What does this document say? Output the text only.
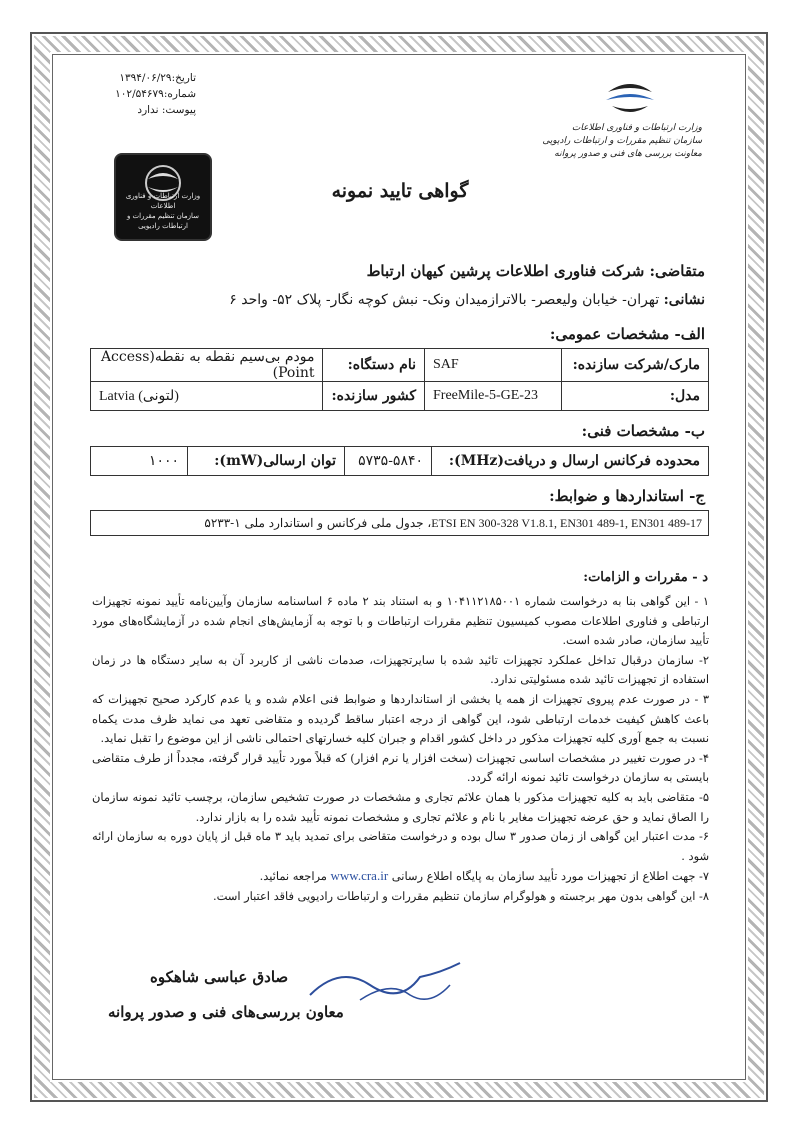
تاریخ:۱۳۹۴/۰۶/۲۹
شماره:۱۰۲/۵۴۶۷۹
پیوست: ندارد
وزارت ارتباطات و فناوری اطلاعات
سازمان تنظیم مقررات و ارتباطات رادیویی
معاونت بررسی های فنی و صدور پروانه
وزارت ارتباطات و فناوری اطلاعات
سازمان تنظیم مقررات و ارتباطات رادیویی
گواهی تایید نمونه
متقاضی: شرکت فناوری اطلاعات پرشین کیهان ارتباط
نشانی: تهران- خیابان ولیعصر- بالاترازمیدان ونک- نبش کوچه نگار- پلاک ۵۲- واحد ۶
الف- مشخصات عمومی:
مارک/شرکت سازنده:	SAF	نام دستگاه:	مودم بی‌سیم نقطه به نقطه(Access Point)
مدل:	FreeMile-5-GE-23	کشور سازنده:	Latvia (لتونی)
ب- مشخصات فنی:
محدوده فرکانس ارسال و دریافت(MHz):	۵۷۳۵-۵۸۴۰	توان ارسالی(mW):	۱۰۰۰
ج- استانداردها و ضوابط:
ETSI EN 300-328 V1.8.1, EN301 489-1, EN301 489-17، جدول ملی فرکانس و استاندارد ملی ۱-۵۲۳۳
د - مقررات و الزامات:
۱ - این گواهی بنا به درخواست شماره ۱۰۴۱۱۲۱۸۵۰۰۱ و به استناد بند ۲ ماده ۶ اساسنامه سازمان وآیین‌نامه تأیید نمونه تجهیزات ارتباطی و فناوری اطلاعات مصوب کمیسیون تنظیم مقررات ارتباطات و با توجه به آزمایش‌های انجام شده در آزمایشگاه‌های مورد تأیید سازمان، صادر شده است.
۲- سازمان درقبال تداخل عملکرد تجهیزات تائید شده با سایرتجهیزات، صدمات ناشی از کاربرد آن به سایر دستگاه ها در زمان استفاده از تجهیزات تائید شده مسئولیتی ندارد.
۳ - در صورت عدم پیروی تجهیزات از همه یا بخشی از استانداردها و ضوابط فنی اعلام شده و یا عدم کارکرد صحیح تجهیزات که باعث کاهش کیفیت خدمات ارتباطی شود، این گواهی از درجه اعتبار ساقط گردیده و متقاضی تعهد می نماید ظرف مدت یکماه نسبت به جمع آوری کلیه تجهیزات مذکور در داخل کشور اقدام و جبران کلیه خسارتهای احتمالی ناشی از این موضوع را تقبل نماید.
۴- در صورت تغییر در مشخصات اساسی تجهیزات (سخت افزار یا نرم افزار) که قبلاً مورد تأیید قرار گرفته، مجدداً از طرف متقاضی بایستی به سازمان درخواست تائید نمونه ارائه گردد.
۵- متقاضی باید به کلیه تجهیزات مذکور با همان علائم تجاری و مشخصات در صورت تشخیص سازمان، برچسب تائید نمونه سازمان را الصاق نماید و حق عرضه تجهیزات مغایر با نام و علائم تجاری و مشخصات نمونه تأیید شده را به بازار ندارد.
۶- مدت اعتبار این گواهی از زمان صدور ۳ سال بوده و درخواست متقاضی برای تمدید باید ۳ ماه قبل از پایان دوره به سازمان ارائه شود .
۷- جهت اطلاع از تجهیزات مورد تأیید سازمان به پایگاه اطلاع رسانی www.cra.ir مراجعه نمائید.
۸- این گواهی بدون مهر برجسته و هولوگرام سازمان تنظیم مقررات و ارتباطات رادیویی فاقد اعتبار است.
صادق عباسی شاهکوه
معاون بررسی‌های فنی و صدور پروانه
